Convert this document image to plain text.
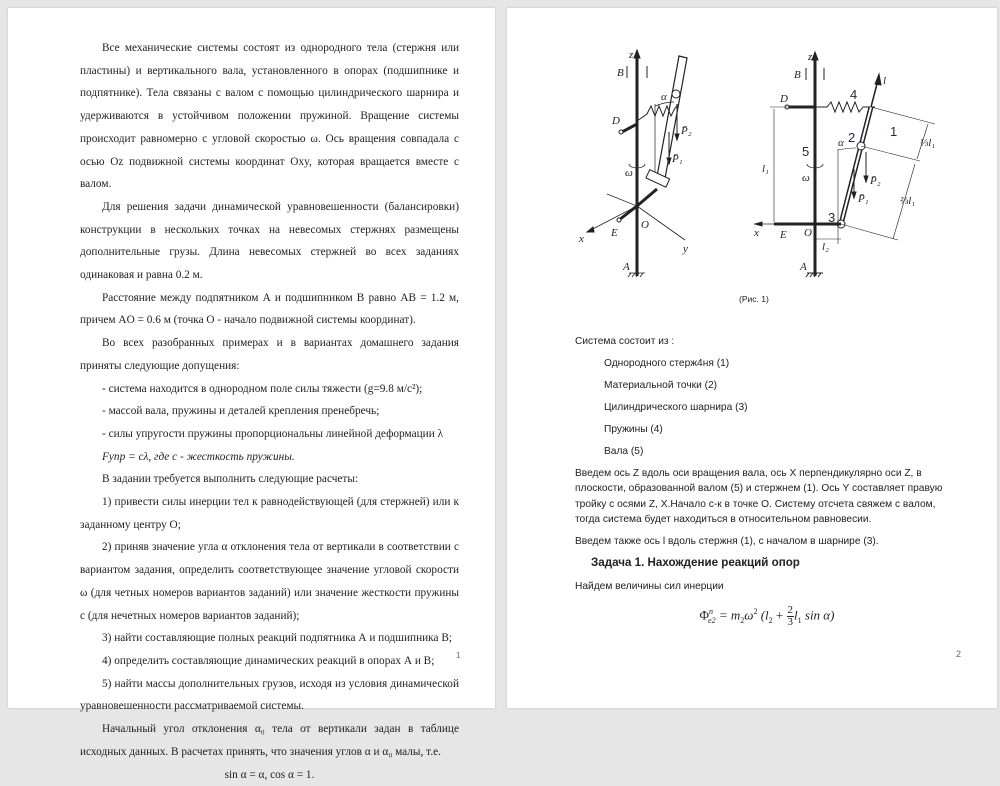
Все механические системы состоят из однородного тела (стержня или пластины) и вертикального вала, установленного в опорах (подшипнике и подпятнике). Тела связаны с валом с помощью цилиндрического шарнира и удерживаются в устойчивом положении пружиной. Вращение системы происходит равномерно с угловой скоростью ω. Ось вращения совпадала с осью Oz подвижной системы координат Oxy, которая вращается вместе с валом.

Для решения задачи динамической уравновешенности (балансировки) конструкции в нескольких точках на невесомых стержнях размещены дополнительные грузы. Длина невесомых стержней во всех заданиях одинаковая и равна 0.2 м.

Расстояние между подпятником А и подшипником В равно AB = 1.2 м, причем AO = 0.6 м (точка О - начало подвижной системы координат).

Во всех разобранных примерах и в вариантах домашнего задания приняты следующие допущения:

- система находится в однородном поле силы тяжести (g=9.8 м/с²);

- массой вала, пружины и деталей крепления пренебречь;

- силы упругости пружины пропорциональны линейной деформации λ

Fупр = cλ, где c - жесткость пружины.

В задании требуется выполнить следующие расчеты:

1) привести силы инерции тел к равнодействующей (для стержней) или к заданному центру О;

2) приняв значение угла α отклонения тела от вертикали в соответствии с вариантом задания, определить соответствующее значение угловой скорости ω (для четных номеров вариантов заданий) или значение жесткости пружины с (для нечетных номеров вариантов заданий);

3) найти составляющие полных реакций подпятника А и подшипника В;

4) определить составляющие динамических реакций в опорах А и В;

5) найти массы дополнительных грузов, исходя из условия динамической уравновешенности рассматриваемой системы.

Начальный угол отклонения α₀ тела от вертикали задан в таблице исходных данных. В расчетах принять, что значения углов α и α₀ малы, т.е.

sin α = α, cos α = 1.

1
z
B
D
α
P̄₂
P̄₁
ω
E
O
x
y
A
z
B
D	4
l
2	1
5
α
l₁
⅓l₁
⅔l₁
ω	P̄₂
P̄₁
3
x E O
l₂
A
(Рис. 1)

Система состоит из :

Однородного стерж4ня (1)

Материальной точки (2)

Цилиндрического шарнира (3)

Пружины (4)

Вала (5)

Введем ось Z вдоль оси вращения вала, ось X перпендикулярно оси Z, в плоскости, образованной валом (5) и стержнем (1). Ось Y составляет правую тройку с осями Z, X.Начало с-к в точке О. Систему отсчета свяжем с валом, тогда система будет находиться в относительном равновесии.

Введем также ось l вдоль стержня (1), с началом в шарнире (3).

Задача 1. Нахождение реакций опор

Найдем величины сил инерции

$\Phi^n_{e2} = m_2\omega^2$ ($l_2 + \frac{2}{3} l_1$ sin α)
2
